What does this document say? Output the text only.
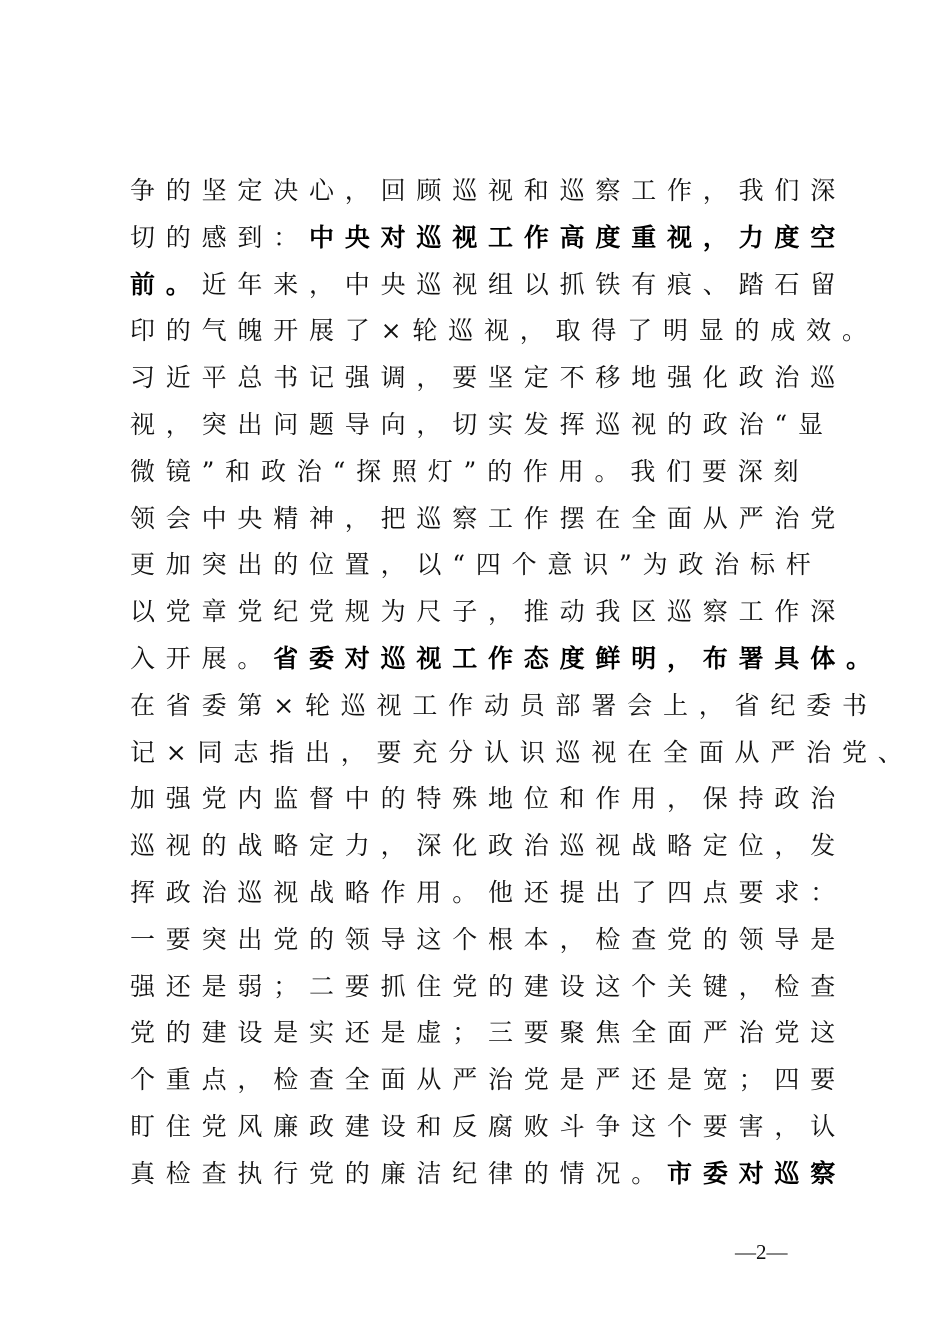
争的坚定决心，回顾巡视和巡察工作，我们深
切的感到：中央对巡视工作高度重视，力度空
前。近年来，中央巡视组以抓铁有痕、踏石留
印的气魄开展了×轮巡视，取得了明显的成效。
习近平总书记强调，要坚定不移地强化政治巡
视，突出问题导向，切实发挥巡视的政治“显
微镜”和政治“探照灯”的作用。我们要深刻
领会中央精神，把巡察工作摆在全面从严治党
更加突出的位置，以“四个意识”为政治标杆
以党章党纪党规为尺子，推动我区巡察工作深
入开展。省委对巡视工作态度鲜明，布署具体。
在省委第×轮巡视工作动员部署会上，省纪委书
记×同志指出，要充分认识巡视在全面从严治党、
加强党内监督中的特殊地位和作用，保持政治
巡视的战略定力，深化政治巡视战略定位，发
挥政治巡视战略作用。他还提出了四点要求：
一要突出党的领导这个根本，检查党的领导是
强还是弱；二要抓住党的建设这个关键，检查
党的建设是实还是虚；三要聚焦全面严治党这
个重点，检查全面从严治党是严还是宽；四要
盯住党风廉政建设和反腐败斗争这个要害，认
真检查执行党的廉洁纪律的情况。市委对巡察
—2—
